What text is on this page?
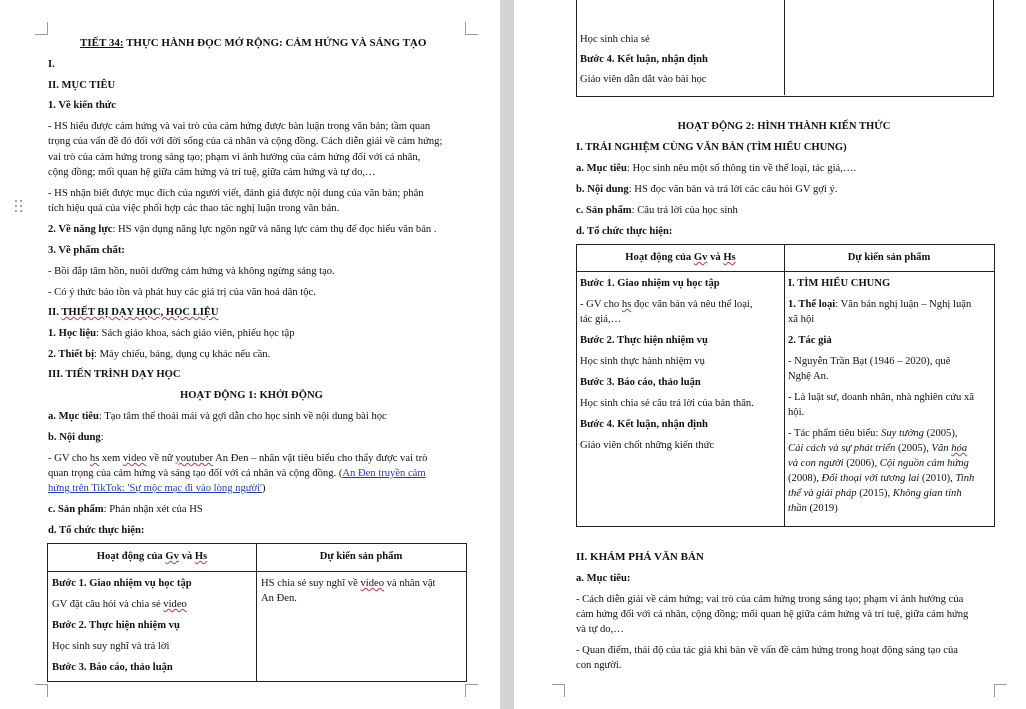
TIẾT 34: THỰC HÀNH ĐỌC MỞ RỘNG: CẢM HỨNG VÀ SÁNG TẠO
I.
II. MỤC TIÊU
1. Về kiến thức
- HS hiểu được cảm hứng và vai trò của cảm hứng được bàn luận trong văn bản; tầm quan
trọng của vấn đề đó đối với đời sống của cá nhân và cộng đồng. Cách diễn giải về cảm hứng;
vai trò của cảm hứng trong sáng tạo; phạm vi ảnh hưởng của cảm hứng đối với cá nhân,
cộng đồng; mối quan hệ giữa cảm hứng và trí tuệ, giữa cảm hứng và tự do,…
- HS nhận biết được mục đích của người viết, đánh giá được nội dung của văn bản; phân
tích hiệu quả của việc phối hợp các thao tác nghị luận trong văn bản.
2. Về năng lực: HS vận dụng năng lực ngôn ngữ và năng lực cảm thụ để đọc hiểu văn bản .
3. Về phẩm chất:
- Bồi đắp tâm hồn, nuôi dưỡng cảm hứng và không ngừng sáng tạo.
- Có ý thức bảo tồn và phát huy các giá trị của văn hoá dân tộc.
II. THIẾT BỊ DẠY HỌC, HỌC LIỆU
1. Học liệu: Sách giáo khoa, sách giáo viên, phiếu học tập
2. Thiết bị: Máy chiếu, bảng, dụng cụ khác nếu cần.
III. TIẾN TRÌNH DẠY HỌC
HOẠT ĐỘNG 1: KHỞI ĐỘNG
a. Mục tiêu: Tạo tâm thế thoải mái và gợi dẫn cho học sinh về nội dung bài học
b. Nội dung:
- GV cho hs xem video về nữ youtuber An Đen – nhân vật tiêu biểu cho thấy được vai trò
quan trọng của cảm hứng và sáng tạo đối với cá nhân và cộng đồng. (An Đen truyền cảm
hứng trên TikTok: 'Sự mộc mạc đi vào lòng người')
c. Sản phẩm: Phản nhận xét của HS
d. Tổ chức thực hiện:
Hoạt động của Gv và Hs	Dự kiến sản phẩm
Bước 1. Giao nhiệm vụ học tập
GV đặt câu hỏi và chia sẻ video
Bước 2. Thực hiện nhiệm vụ
Học sinh suy nghĩ và trả lời
Bước 3. Báo cáo, thảo luận
HS chia sẻ suy nghĩ về video và nhân vật
An Đen.
Học sinh chia sẻ
Bước 4. Kết luận, nhận định
Giáo viên dẫn dắt vào bài học
HOẠT ĐỘNG 2: HÌNH THÀNH KIẾN THỨC
I. TRẢI NGHIỆM CÙNG VĂN BẢN (TÌM HIỂU CHUNG)
a. Mục tiêu: Học sinh nêu một số thông tin về thể loại, tác giả,….
b. Nội dung: HS đọc văn bản và trả lời các câu hỏi GV gợi ý.
c. Sản phẩm: Câu trả lời của học sinh
d. Tổ chức thực hiện:
Hoạt động của Gv và Hs	Dự kiến sản phẩm
Bước 1. Giao nhiệm vụ học tập
- GV cho hs đọc văn bản và nêu thể loại,
tác giả,…
Bước 2. Thực hiện nhiệm vụ
Học sinh thực hành nhiệm vụ
Bước 3. Báo cáo, thảo luận
Học sinh chia sẻ câu trả lời của bản thân.
Bước 4. Kết luận, nhận định
Giáo viên chốt những kiến thức
I. TÌM HIỂU CHUNG
1. Thể loại: Văn bản nghị luận – Nghị luận
xã hội
2. Tác giả
- Nguyễn Trần Bạt (1946 – 2020), quê
Nghệ An.
- Là luật sư, doanh nhân, nhà nghiên cứu xã
hội.
- Tác phẩm tiêu biểu: Suy tưởng (2005),
Cải cách và sự phát triển (2005), Văn hóa
và con người (2006), Cội nguồn cảm hứng
(2008), Đối thoại với tương lai (2010), Tinh
thể và giải pháp (2015), Không gian tinh
thần (2019)
II. KHÁM PHÁ VĂN BẢN
a. Mục tiêu:
- Cách diễn giải về cảm hứng; vai trò của cảm hứng trong sáng tạo; phạm vi ảnh hưởng của
cảm hứng đối với cá nhân, cộng đồng; mối quan hệ giữa cảm hứng và trí tuệ, giữa cảm hứng
và tự do,…
- Quan điểm, thái độ của tác giả khi bàn về vấn đề cảm hứng trong hoạt động sáng tạo của
con người.
